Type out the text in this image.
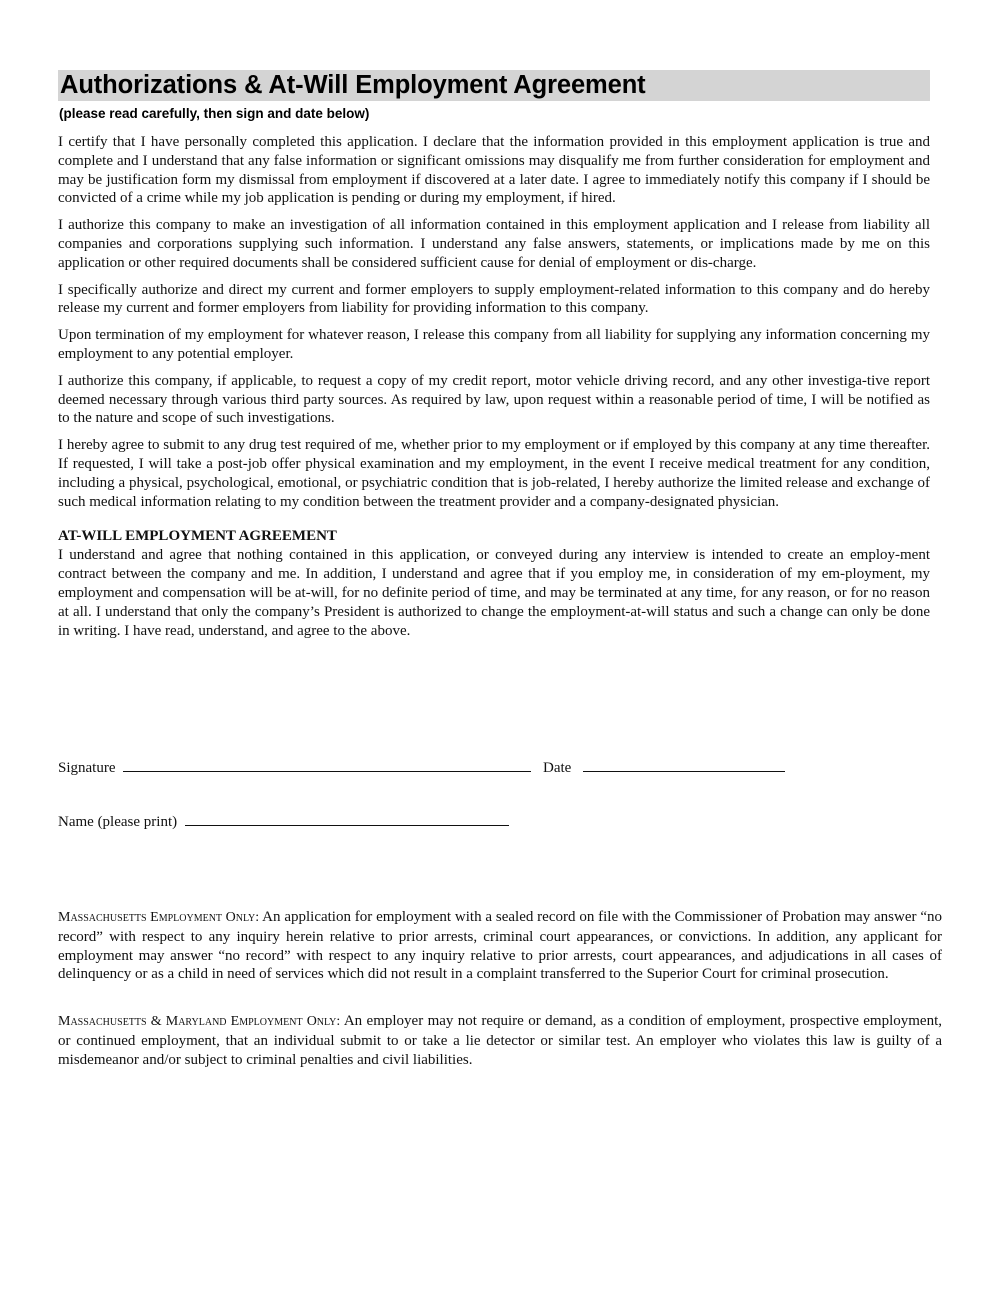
Authorizations & At-Will Employment Agreement
(please read carefully, then sign and date below)

I certify that I have personally completed this application. I declare that the information provided in this employment application is true and complete and I understand that any false information or significant omissions may disqualify me from further consideration for employment and may be justification form my dismissal from employment if discovered at a later date. I agree to immediately notify this company if I should be convicted of a crime while my job application is pending or during my employment, if hired.

I authorize this company to make an investigation of all information contained in this employment application and I release from liability all companies and corporations supplying such information. I understand any false answers, statements, or implications made by me on this application or other required documents shall be considered sufficient cause for denial of employment or dis-charge.

I specifically authorize and direct my current and former employers to supply employment-related information to this company and do hereby release my current and former employers from liability for providing information to this company.

Upon termination of my employment for whatever reason, I release this company from all liability for supplying any information concerning my employment to any potential employer.

I authorize this company, if applicable, to request a copy of my credit report, motor vehicle driving record, and any other investiga-tive report deemed necessary through various third party sources. As required by law, upon request within a reasonable period of time, I will be notified as to the nature and scope of such investigations.

I hereby agree to submit to any drug test required of me, whether prior to my employment or if employed by this company at any time thereafter. If requested, I will take a post-job offer physical examination and my employment, in the event I receive medical treatment for any condition, including a physical, psychological, emotional, or psychiatric condition that is job-related, I hereby authorize the limited release and exchange of such medical information relating to my condition between the treatment provider and a company-designated physician.

AT-WILL EMPLOYMENT AGREEMENT

I understand and agree that nothing contained in this application, or conveyed during any interview is intended to create an employ-ment contract between the company and me. In addition, I understand and agree that if you employ me, in consideration of my em-ployment, my employment and compensation will be at-will, for no definite period of time, and may be terminated at any time, for any reason, or for no reason at all. I understand that only the company’s President is authorized to change the employment-at-will status and such a change can only be done in writing. I have read, understand, and agree to the above.

Signature	Date
Name (please print)

Massachusetts Employment Only: An application for employment with a sealed record on file with the Commissioner of Probation may answer “no record” with respect to any inquiry herein relative to prior arrests, criminal court appearances, or convictions. In addition, any applicant for employment may answer “no record” with respect to any inquiry relative to prior arrests, court appearances, and adjudications in all cases of delinquency or as a child in need of services which did not result in a complaint transferred to the Superior Court for criminal prosecution.

Massachusetts & Maryland Employment Only: An employer may not require or demand, as a condition of employment, prospective employment, or continued employment, that an individual submit to or take a lie detector or similar test. An employer who violates this law is guilty of a misdemeanor and/or subject to criminal penalties and civil liabilities.
